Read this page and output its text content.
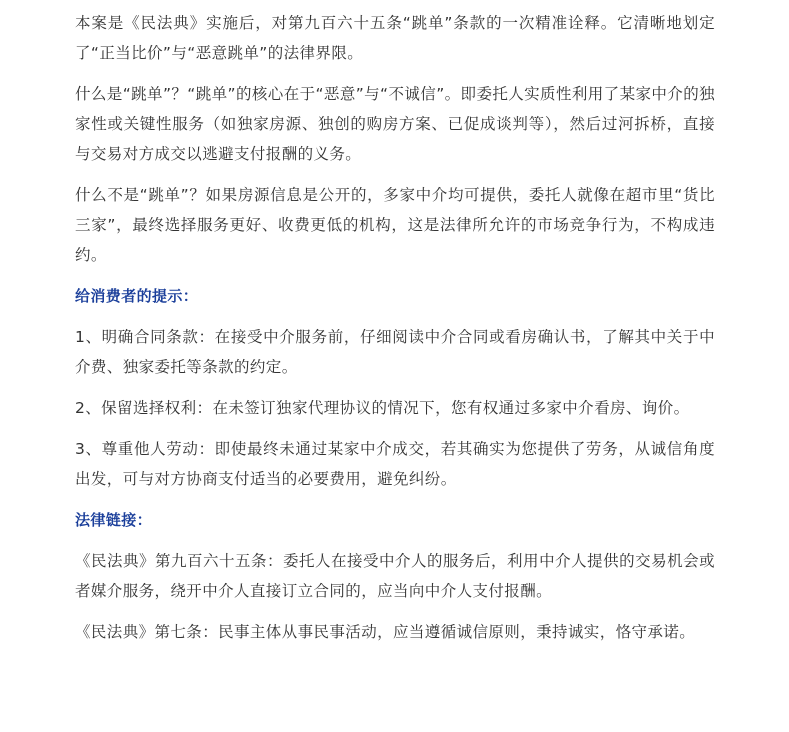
本案是《民法典》实施后，对第九百六十五条“跳单”条款的一次精准诠释。它清晰地划定了“正当比价”与“恶意跳单”的法律界限。

什么是“跳单”？“跳单”的核心在于“恶意”与“不诚信”。即委托人实质性利用了某家中介的独家性或关键性服务（如独家房源、独创的购房方案、已促成谈判等），然后过河拆桥，直接与交易对方成交以逃避支付报酬的义务。

什么不是“跳单”？如果房源信息是公开的，多家中介均可提供，委托人就像在超市里“货比三家”，最终选择服务更好、收费更低的机构，这是法律所允许的市场竞争行为，不构成违约。

给消费者的提示：

1、明确合同条款：在接受中介服务前，仔细阅读中介合同或看房确认书，了解其中关于中介费、独家委托等条款的约定。

2、保留选择权利：在未签订独家代理协议的情况下，您有权通过多家中介看房、询价。

3、尊重他人劳动：即使最终未通过某家中介成交，若其确实为您提供了劳务，从诚信角度出发，可与对方协商支付适当的必要费用，避免纠纷。

法律链接：

《民法典》第九百六十五条：委托人在接受中介人的服务后，利用中介人提供的交易机会或者媒介服务，绕开中介人直接订立合同的，应当向中介人支付报酬。

《民法典》第七条：民事主体从事民事活动，应当遵循诚信原则，秉持诚实，恪守承诺。
